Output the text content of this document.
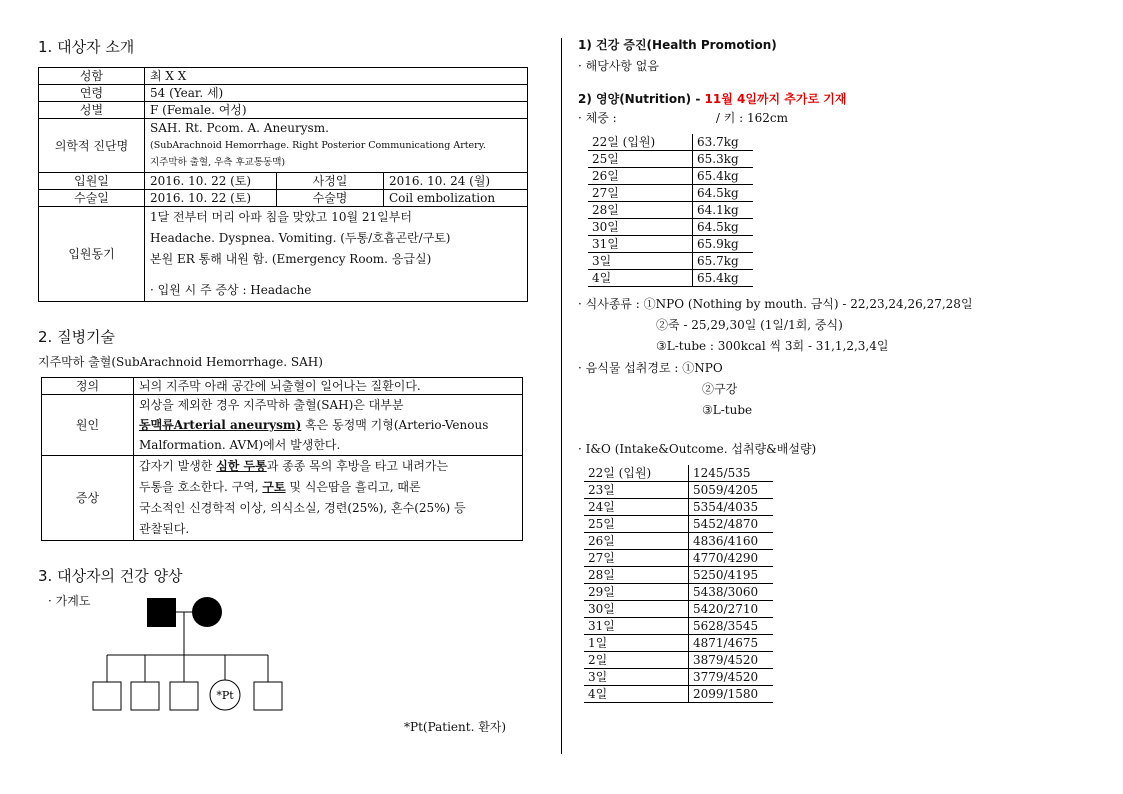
1. 대상자 소개
성함	최 X X		
연령	54 (Year. 세)		
성별	F (Female. 여성)		
의학적 진단명	SAH. Rt. Pcom. A. Aneurysm.
(SubArachnoid Hemorrhage. Right Posterior Communicationg Artery.
지주막하 출혈, 우측 후교통동맥)		

입원일	2016. 10. 22 (토)	사정일	2016. 10. 24 (월)
수술일	2016. 10. 22 (토)	수술명	Coil embolization
입원동기	1달 전부터 머리 아파 침을 맞았고 10월 21일부터
Headache. Dyspnea. Vomiting. (두통/호흡곤란/구토)
본원 ER 통해 내원 함. (Emergency Room. 응급실)
· 입원 시 주 증상 : Headache		
2. 질병기술
지주막하 출혈(SubArachnoid Hemorrhage. SAH)
정의	뇌의 지주막 아래 공간에 뇌출혈이 일어나는 질환이다.
원인	외상을 제외한 경우 지주막하 출혈(SAH)은 대부분
동맥류Arterial aneurysm) 혹은 동정맥 기형(Arterio-Venous
Malformation. AVM)에서 발생한다.

증상	갑자기 발생한 심한 두통과 종종 목의 후방을 타고 내려가는
두통을 호소한다. 구역, 구토 및 식은땀을 흘리고, 때론
국소적인 신경학적 이상, 의식소실, 경련(25%), 혼수(25%) 등
관찰된다.
3. 대상자의 건강 양상
· 가계도
*Pt
*Pt(Patient. 환자)
1) 건강 증진(Health Promotion)
· 해당사항 없음
2) 영양(Nutrition) - 11월 4일까지 추가로 기재
· 체중 :                          / 키 : 162cm
22일 (입원)	63.7kg
25일	65.3kg
26일	65.4kg
27일	64.5kg
28일	64.1kg
30일	64.5kg
31일	65.9kg
3일	65.7kg
4일	65.4kg
· 식사종류 : ①NPO (Nothing by mouth. 금식) - 22,23,24,26,27,28일
②죽 - 25,29,30일 (1일/1회, 중식)
③L-tube : 300kcal 씩 3회 - 31,1,2,3,4일
· 음식물 섭취경로 : ①NPO
②구강
③L-tube
· I&O (Intake&Outcome. 섭취량&배설량)
22일 (입원)	1245/535
23일	5059/4205
24일	5354/4035
25일	5452/4870
26일	4836/4160
27일	4770/4290
28일	5250/4195
29일	5438/3060
30일	5420/2710
31일	5628/3545
1일	4871/4675
2일	3879/4520
3일	3779/4520
4일	2099/1580
